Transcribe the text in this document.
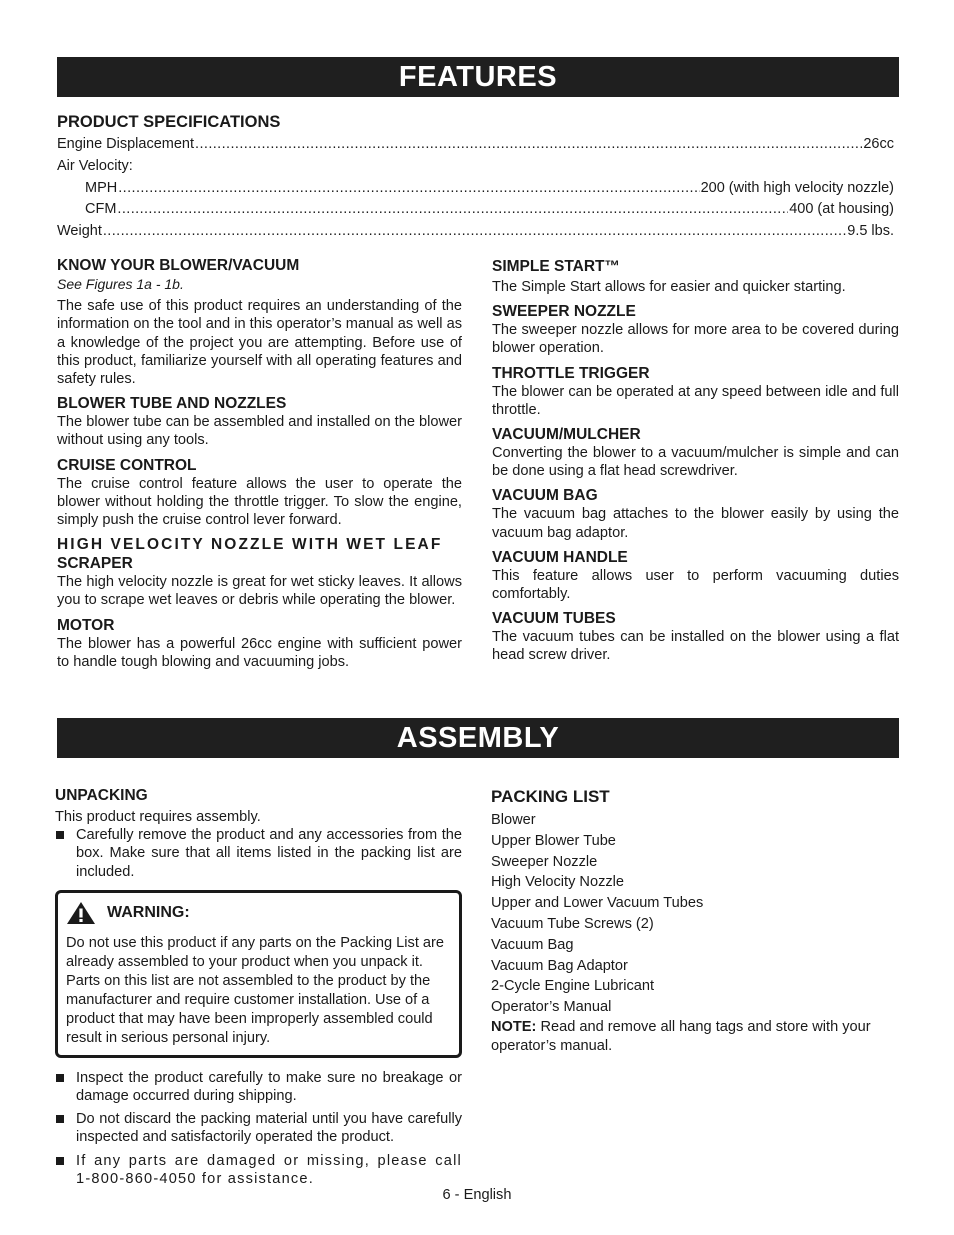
FEATURES
PRODUCT SPECIFICATIONS
Engine Displacement .....	26cc
Air Velocity:
MPH .....	200 (with high velocity nozzle)
CFM .....	400 (at housing)
Weight .....	9.5 lbs.
KNOW YOUR BLOWER/VACUUM

See Figures 1a - 1b.

The safe use of this product requires an understanding of the information on the tool and in this operator’s manual as well as a knowledge of the project you are attempting. Before use of this product, familiarize yourself with all operating features and safety rules.

BLOWER TUBE AND NOZZLES

The blower tube can be assembled and installed on the blower without using any tools.

CRUISE CONTROL

The cruise control feature allows the user to operate the blower without holding the throttle trigger. To slow the engine, simply push the cruise control lever forward.

HIGH VELOCITY NOZZLE WITH WET LEAF
SCRAPER

The high velocity nozzle is great for wet sticky leaves. It allows you to scrape wet leaves or debris while operating the blower.

MOTOR

The blower has a powerful 26cc engine with sufficient power to handle tough blowing and vacuuming jobs.

SIMPLE START™

The Simple Start allows for easier and quicker starting.

SWEEPER NOZZLE

The sweeper nozzle allows for more area to be covered during blower operation.

THROTTLE TRIGGER

The blower can be operated at any speed between idle and full throttle.

VACUUM/MULCHER

Converting the blower to a vacuum/mulcher is simple and can be done using a flat head screwdriver.

VACUUM BAG

The vacuum bag attaches to the blower easily by using the vacuum bag adaptor.

VACUUM HANDLE

This feature allows user to perform vacuuming duties comfortably.

VACUUM TUBES

The vacuum tubes can be installed on the blower using a flat head screw driver.

ASSEMBLY
UNPACKING

This product requires assembly.

Carefully remove the product and any accessories from the box. Make sure that all items listed in the packing list are included.
WARNING:
Do not use this product if any parts on the Packing List are already assembled to your product when you unpack it. Parts on this list are not assembled to the product by the manufacturer and require customer installation. Use of a product that may have been improperly assembled could result in serious personal injury.
Inspect the product carefully to make sure no breakage or damage occurred during shipping.
Do not discard the packing material until you have carefully inspected and satisfactorily operated the product.
If any parts are damaged or missing, please call 1-800-860-4050 for assistance.
PACKING LIST
Blower
Upper Blower Tube
Sweeper Nozzle
High Velocity Nozzle
Upper and Lower Vacuum Tubes
Vacuum Tube Screws (2)
Vacuum Bag
Vacuum Bag Adaptor
2-Cycle Engine Lubricant
Operator’s Manual

NOTE: Read and remove all hang tags and store with your operator’s manual.

6 - English
